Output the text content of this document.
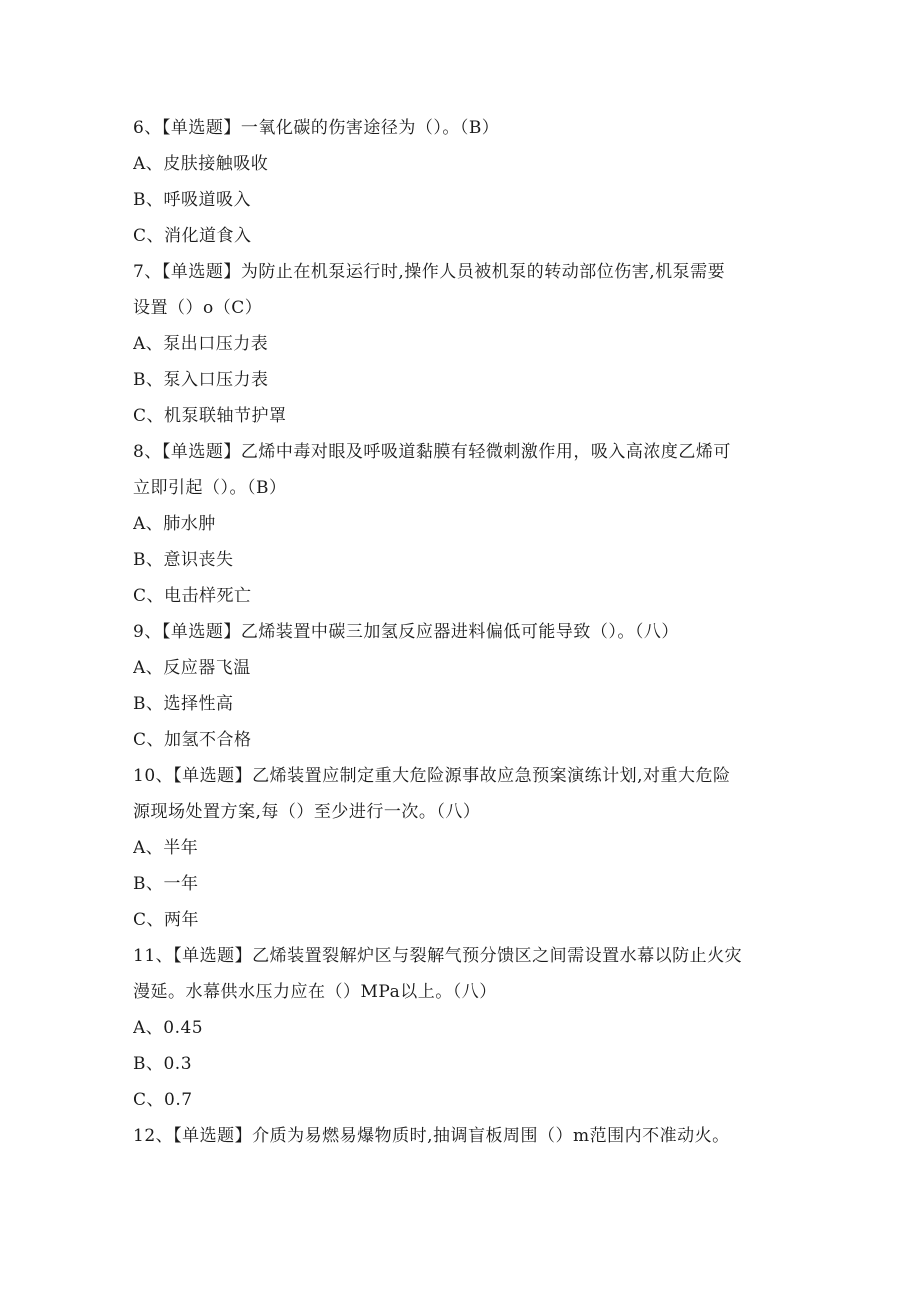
6、【单选题】一氧化碳的伤害途径为（）。（B）
A、皮肤接触吸收
B、呼吸道吸入
C、消化道食入
7、【单选题】为防止在机泵运行时,操作人员被机泵的转动部位伤害,机泵需要
设置（）o（C）
A、泵出口压力表
B、泵入口压力表
C、机泵联轴节护罩
8、【单选题】乙烯中毒对眼及呼吸道黏膜有轻微刺激作用，吸入高浓度乙烯可
立即引起（）。（B）
A、肺水肿
B、意识丧失
C、电击样死亡
9、【单选题】乙烯装置中碳三加氢反应器进料偏低可能导致（）。（八）
A、反应器飞温
B、选择性高
C、加氢不合格
10、【单选题】乙烯装置应制定重大危险源事故应急预案演练计划,对重大危险
源现场处置方案,每（）至少进行一次。（八）
A、半年
B、一年
C、两年
11、【单选题】乙烯装置裂解炉区与裂解气预分馈区之间需设置水幕以防止火灾
漫延。水幕供水压力应在（）MPa以上。（八）
A、0.45
B、0.3
C、0.7
12、【单选题】介质为易燃易爆物质时,抽调盲板周围（）m范围内不准动火。
